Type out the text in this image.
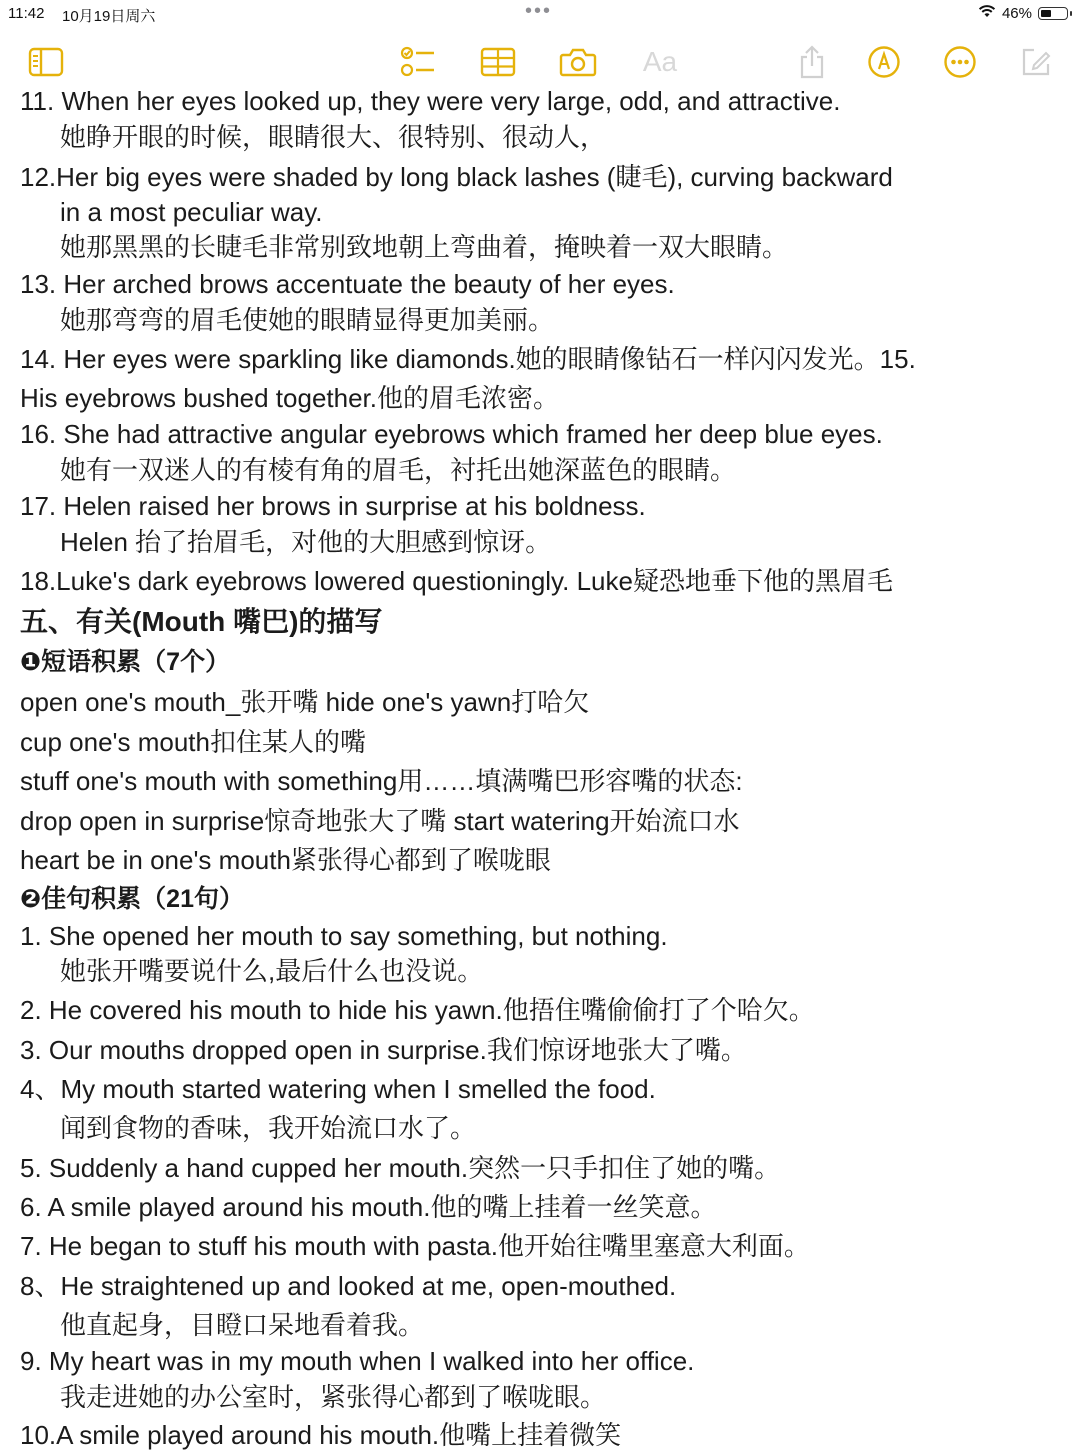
11:42 10月19日周六	•••	46%
Aa
11. When her eyes looked up, they were very large, odd, and attractive.
她睁开眼的时候，眼睛很大、很特别、很动人，
12.Her big eyes were shaded by long black lashes (睫毛), curving backward
in a most peculiar way.
她那黑黑的长睫毛非常别致地朝上弯曲着，掩映着一双大眼睛。
13. Her arched brows accentuate the beauty of her eyes.
她那弯弯的眉毛使她的眼睛显得更加美丽。
14. Her eyes were sparkling like diamonds.她的眼睛像钻石一样闪闪发光。15.
His eyebrows bushed together.他的眉毛浓密。
16. She had attractive angular eyebrows which framed her deep blue eyes.
她有一双迷人的有棱有角的眉毛，衬托出她深蓝色的眼睛。
17. Helen raised her brows in surprise at his boldness.
Helen 抬了抬眉毛，对他的大胆感到惊讶。
18.Luke's dark eyebrows lowered questioningly. Luke疑恐地垂下他的黑眉毛
五、有关(Mouth 嘴巴)的描写
❶短语积累（7个）
open one's mouth_张开嘴 hide one's yawn打哈欠
cup one's mouth扣住某人的嘴
stuff one's mouth with something用……填满嘴巴形容嘴的状态:
drop open in surprise惊奇地张大了嘴 start watering开始流口水
heart be in one's mouth紧张得心都到了喉咙眼
❷佳句积累（21句）
1. She opened her mouth to say something, but nothing.
她张开嘴要说什么,最后什么也没说。
2. He covered his mouth to hide his yawn.他捂住嘴偷偷打了个哈欠。
3. Our mouths dropped open in surprise.我们惊讶地张大了嘴。
4、My mouth started watering when I smelled the food.
闻到食物的香味，我开始流口水了。
5. Suddenly a hand cupped her mouth.突然一只手扣住了她的嘴。
6. A smile played around his mouth.他的嘴上挂着一丝笑意。
7. He began to stuff his mouth with pasta.他开始往嘴里塞意大利面。
8、He straightened up and looked at me, open-mouthed.
他直起身，目瞪口呆地看着我。
9. My heart was in my mouth when I walked into her office.
我走进她的办公室时，紧张得心都到了喉咙眼。
10.A smile played around his mouth.他嘴上挂着微笑
